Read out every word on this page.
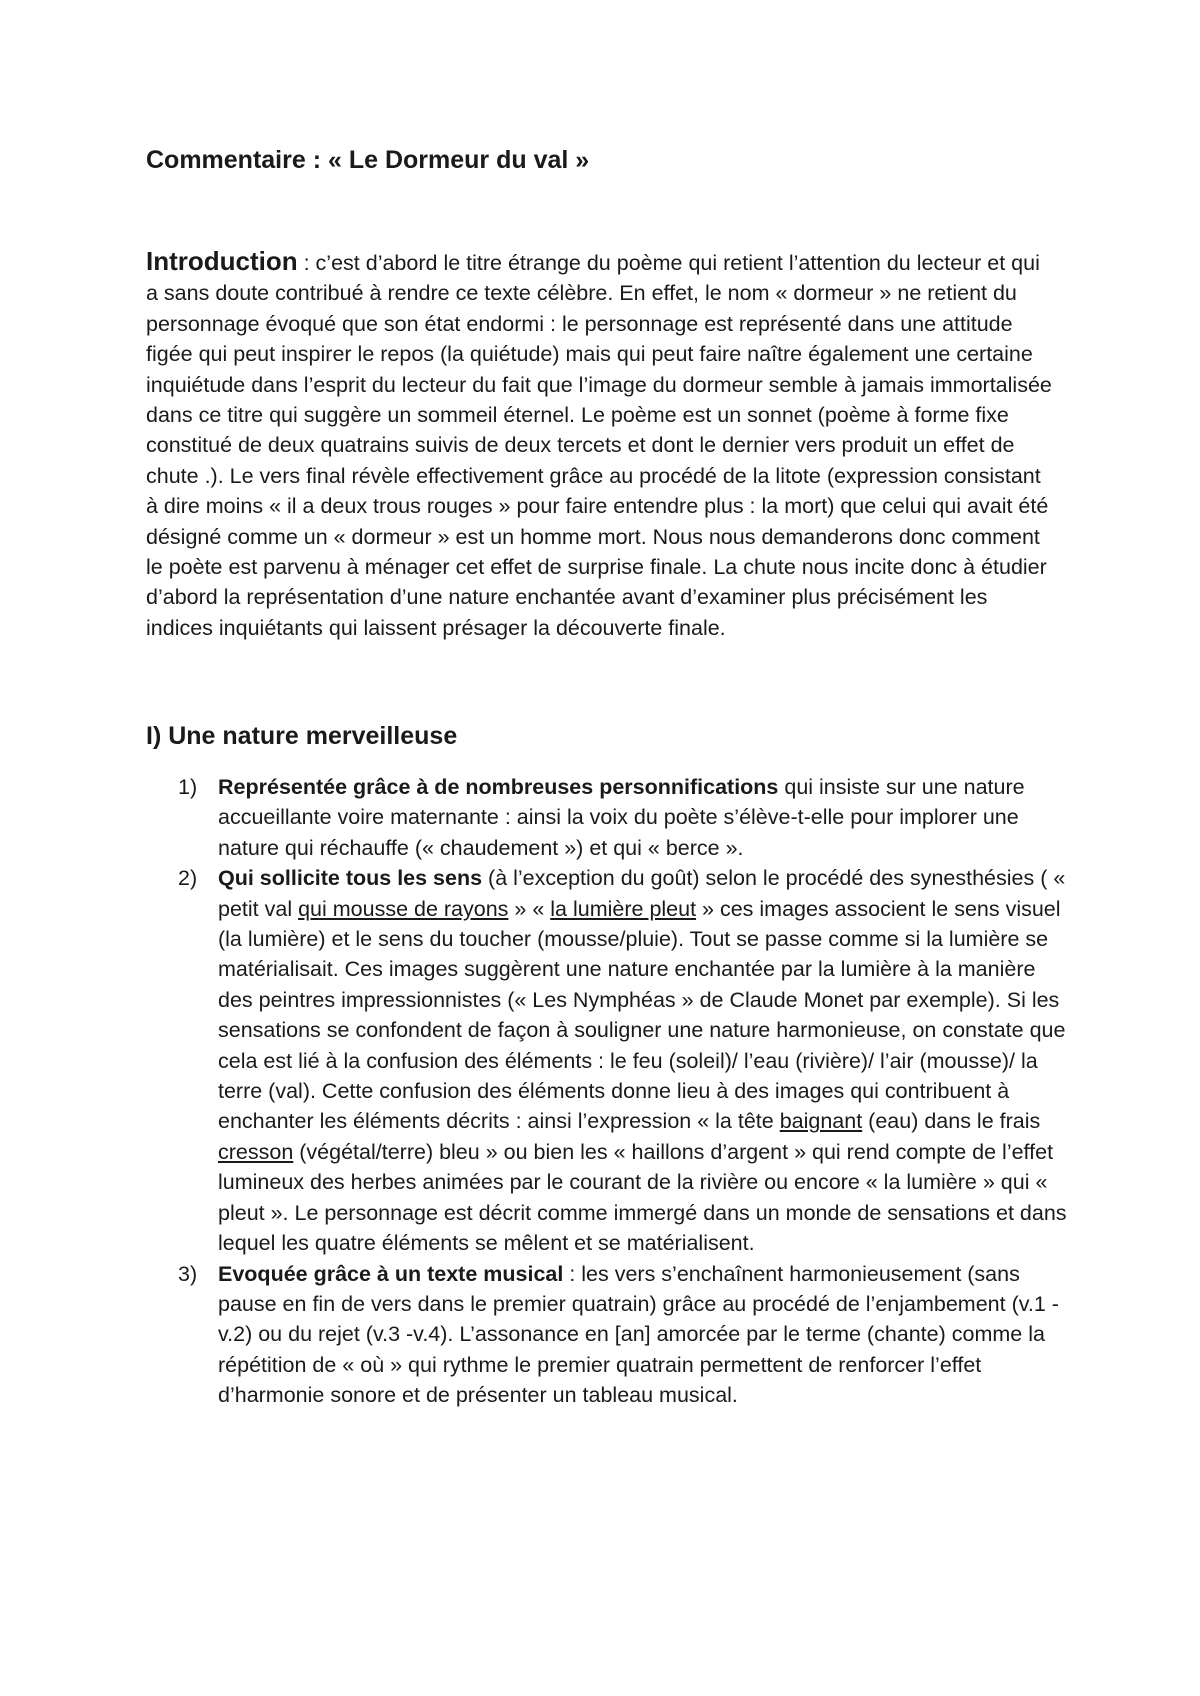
Commentaire : « Le Dormeur du val »

Introduction : c’est d’abord le titre étrange du poème qui retient l’attention du lecteur et qui a sans doute contribué à rendre ce texte célèbre. En effet, le nom « dormeur » ne retient du personnage évoqué que son état endormi : le personnage est représenté dans une attitude figée qui peut inspirer le repos (la quiétude) mais qui peut faire naître également une certaine inquiétude dans l’esprit du lecteur du fait que l’image du dormeur semble à jamais immortalisée dans ce titre qui suggère un sommeil éternel. Le poème est un sonnet (poème à forme fixe constitué de deux quatrains suivis de deux tercets et dont le dernier vers produit un effet de chute .). Le vers final révèle effectivement grâce au procédé de la litote (expression consistant à dire moins « il a deux trous rouges » pour faire entendre plus : la mort) que celui qui avait été désigné comme un « dormeur » est un homme mort. Nous nous demanderons donc comment le poète est parvenu à ménager cet effet de surprise finale. La chute nous incite donc à étudier d’abord la représentation d’une nature enchantée avant d’examiner plus précisément les indices inquiétants qui laissent présager la découverte finale.

I) Une nature merveilleuse
1) Représentée grâce à de nombreuses personnifications qui insiste sur une nature accueillante voire maternante : ainsi la voix du poète s’élève-t-elle pour implorer une nature qui réchauffe (« chaudement ») et qui « berce ».
2) Qui sollicite tous les sens (à l’exception du goût) selon le procédé des synesthésies ( « petit val qui mousse de rayons » « la lumière pleut » ces images associent le sens visuel (la lumière) et le sens du toucher (mousse/pluie). Tout se passe comme si la lumière se matérialisait. Ces images suggèrent une nature enchantée par la lumière à la manière des peintres impressionnistes (« Les Nymphéas » de Claude Monet par exemple). Si les sensations se confondent de façon à souligner une nature harmonieuse, on constate que cela est lié à la confusion des éléments : le feu (soleil)/ l’eau (rivière)/ l’air (mousse)/ la terre (val). Cette confusion des éléments donne lieu à des images qui contribuent à enchanter les éléments décrits : ainsi l’expression « la tête baignant (eau) dans le frais cresson (végétal/terre) bleu » ou bien les « haillons d’argent » qui rend compte de l’effet lumineux des herbes animées par le courant de la rivière ou encore « la lumière » qui « pleut ». Le personnage est décrit comme immergé dans un monde de sensations et dans lequel les quatre éléments se mêlent et se matérialisent.
3) Evoquée grâce à un texte musical : les vers s’enchaînent harmonieusement (sans pause en fin de vers dans le premier quatrain) grâce au procédé de l’enjambement (v.1 -v.2) ou du rejet (v.3 -v.4). L’assonance en [an] amorcée par le terme (chante) comme la répétition de « où » qui rythme le premier quatrain permettent de renforcer l’effet d’harmonie sonore et de présenter un tableau musical.
